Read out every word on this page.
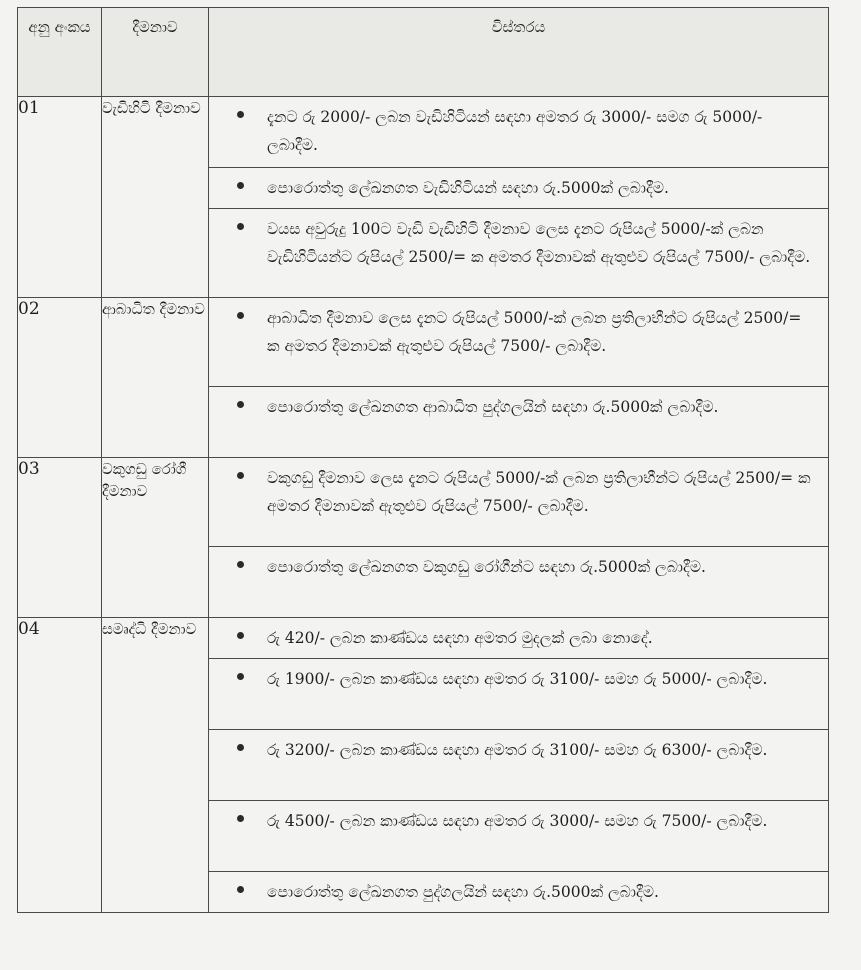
අනු අංකය	දීමනාව	විස්තරය
01	වැඩිහිටි දීමනාව	දැනට රු 2000/- ලබන වැඩිහිටියන් සඳහා අමතර රු 3000/- සමග රු 5000/- ලබාදීම.
පොරොත්තු ලේඛනගත වැඩිහිටියන් සඳහා රු.5000ක් ලබාදීම.
වයස අවුරුදු 100ට වැඩි වැඩිහිටි දීමනාව ලෙස දැනට රුපියල් 5000/-ක් ලබන වැඩිහිටියන්ට රුපියල් 2500/= ක අමතර දීමනාවක් ඇතුළුව රුපියල් 7500/- ලබාදීම.

02	ආබාධිත දීමනාව	ආබාධිත දීමනාව ලෙස දැනට රුපියල් 5000/-ක් ලබන ප්‍රතිලාභීන්ට රුපියල් 2500/= ක අමතර දීමනාවක් ඇතුළුව රුපියල් 7500/- ලබාදීම.
පොරොත්තු ලේඛනගත ආබාධිත පුද්ගලයින් සඳහා රු.5000ක් ලබාදීම.

03	වකුගඩු රෝගී දීමනාව	වකුගඩු දීමනාව ලෙස දැනට රුපියල් 5000/-ක් ලබන ප්‍රතිලාභීන්ට රුපියල් 2500/= ක අමතර දීමනාවක් ඇතුළුව රුපියල් 7500/- ලබාදීම.
පොරොත්තු ලේඛනගත වකුගඩු රෝගීන්ට සඳහා රු.5000ක් ලබාදීම.

04	සමෘද්ධි දීමනාව	රු 420/- ලබන කාණ්ඩය සඳහා අමතර මුදලක් ලබා නොදේ.
රු 1900/- ලබන කාණ්ඩය සඳහා අමතර රු 3100/- සමහ රු 5000/- ලබාදීම.
රු 3200/- ලබන කාණ්ඩය සඳහා අමතර රු 3100/- සමහ රු 6300/- ලබාදීම.
රු 4500/- ලබන කාණ්ඩය සඳහා අමතර රු 3000/- සමහ රු 7500/- ලබාදීම.
පොරොත්තු ලේඛනගත පුද්ගලයින් සඳහා රු.5000ක් ලබාදීම.
